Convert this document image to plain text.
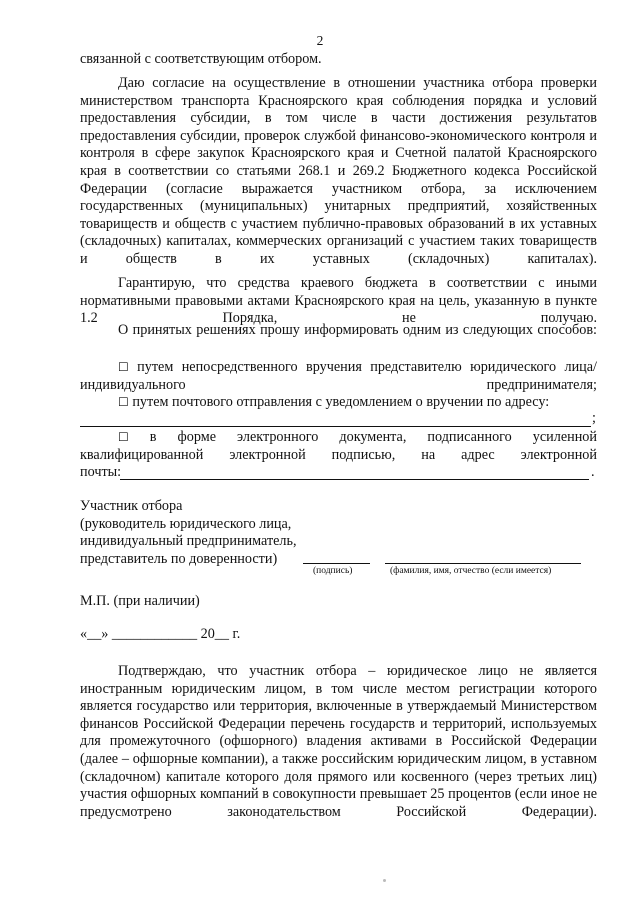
2
связанной с соответствующим отбором.
Даю согласие на осуществление в отношении участника отбора проверки министерством транспорта Красноярского края соблюдения порядка и условий предоставления субсидии, в том числе в части достижения результатов предоставления субсидии, проверок службой финансово-экономического контроля и контроля в сфере закупок Красноярского края и Счетной палатой Красноярского края в соответствии со статьями 268.1 и 269.2 Бюджетного кодекса Российской Федерации (согласие выражается участником отбора, за исключением государственных (муниципальных) унитарных предприятий, хозяйственных товариществ и обществ с участием публично-правовых образований в их уставных (складочных) капиталах, коммерческих организаций с участием таких товариществ и обществ в их уставных (складочных) капиталах).
Гарантирую, что средства краевого бюджета в соответствии с иными нормативными правовыми актами Красноярского края на цель, указанную в пункте 1.2 Порядка, не получаю.
О принятых решениях прошу информировать одним из следующих способов:
☐ путем непосредственного вручения представителю юридического лица/ индивидуального предпринимателя;
☐ путем почтового отправления с уведомлением о вручении по адресу:
;
☐ в форме электронного документа, подписанного усиленной квалифицированной электронной подписью, на адрес электронной
почты:	.
Участник отбора
(руководитель юридического лица,
индивидуальный предприниматель,
представитель по доверенности)
(подпись)	(фамилия, имя, отчество (если имеется)
М.П. (при наличии)
«__» ____________ 20__ г.
Подтверждаю, что участник отбора – юридическое лицо не является иностранным юридическим лицом, в том числе местом регистрации которого является государство или территория, включенные в утверждаемый Министерством финансов Российской Федерации перечень государств и территорий, используемых для промежуточного (офшорного) владения активами в Российской Федерации (далее – офшорные компании), а также российским юридическим лицом, в уставном (складочном) капитале которого доля прямого или косвенного (через третьих лиц) участия офшорных компаний в совокупности превышает 25 процентов (если иное не предусмотрено законодательством Российской Федерации).
